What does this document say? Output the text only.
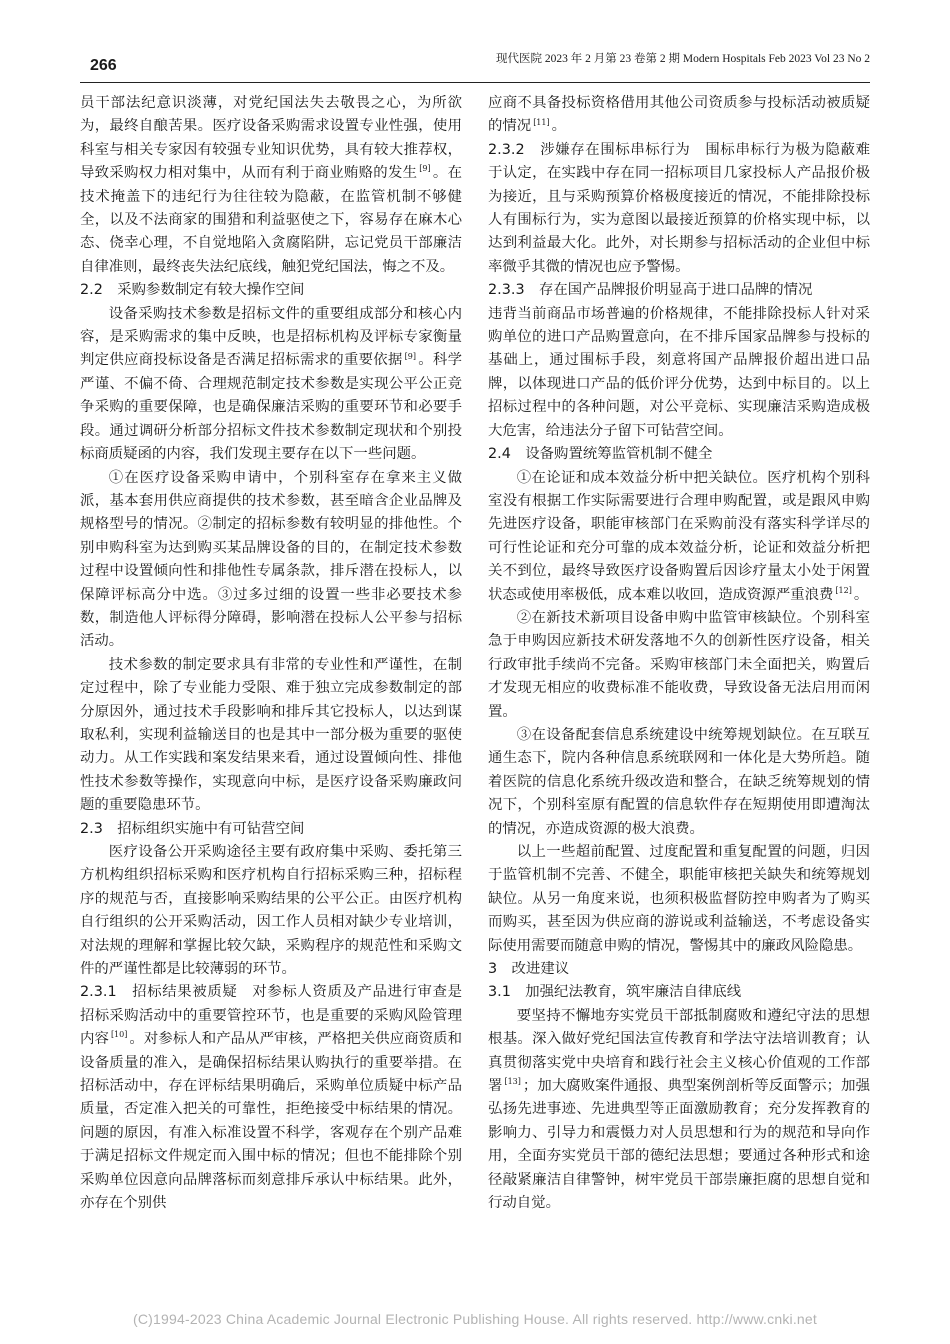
266	现代医院 2023 年 2 月第 23 卷第 2 期 Modern Hospitals Feb 2023 Vol 23 No 2

员干部法纪意识淡薄，对党纪国法失去敬畏之心，为所欲为，最终自酿苦果。医疗设备采购需求设置专业性强，使用科室与相关专家因有较强专业知识优势，具有较大推荐权，导致采购权力相对集中，从而有利于商业贿赂的发生 [9] 。在技术掩盖下的违纪行为往往较为隐蔽，在监管机制不够健全，以及不法商家的围猎和利益驱使之下，容易存在麻木心态、侥幸心理，不自觉地陷入贪腐陷阱，忘记党员干部廉洁自律准则，最终丧失法纪底线，触犯党纪国法，悔之不及。

2.2　采购参数制定有较大操作空间

设备采购技术参数是招标文件的重要组成部分和核心内容，是采购需求的集中反映，也是招标机构及评标专家衡量判定供应商投标设备是否满足招标需求的重要依据 [9] 。科学严谨、不偏不倚、合理规范制定技术参数是实现公平公正竞争采购的重要保障，也是确保廉洁采购的重要环节和必要手段。通过调研分析部分招标文件技术参数制定现状和个别投标商质疑函的内容，我们发现主要存在以下一些问题。

①在医疗设备采购申请中，个别科室存在拿来主义做派，基本套用供应商提供的技术参数，甚至暗含企业品牌及规格型号的情况。②制定的招标参数有较明显的排他性。个别申购科室为达到购买某品牌设备的目的，在制定技术参数过程中设置倾向性和排他性专属条款，排斥潜在投标人，以保障评标高分中选。③过多过细的设置一些非必要技术参数，制造他人评标得分障碍，影响潜在投标人公平参与招标活动。

技术参数的制定要求具有非常的专业性和严谨性，在制定过程中，除了专业能力受限、难于独立完成参数制定的部分原因外，通过技术手段影响和排斥其它投标人，以达到谋取私利，实现利益输送目的也是其中一部分极为重要的驱使动力。从工作实践和案发结果来看，通过设置倾向性、排他性技术参数等操作，实现意向中标，是医疗设备采购廉政问题的重要隐患环节。

2.3　招标组织实施中有可钻营空间

医疗设备公开采购途径主要有政府集中采购、委托第三方机构组织招标采购和医疗机构自行招标采购三种，招标程序的规范与否，直接影响采购结果的公平公正。由医疗机构自行组织的公开采购活动，因工作人员相对缺少专业培训，对法规的理解和掌握比较欠缺，采购程序的规范性和采购文件的严谨性都是比较薄弱的环节。

2.3.1　招标结果被质疑　 对参标人资质及产品进行审查是招标采购活动中的重要管控环节，也是重要的采购风险管理内容 [10] 。对参标人和产品从严审核，严格把关供应商资质和设备质量的准入，是确保招标结果认购执行的重要举措。在招标活动中，存在评标结果明确后，采购单位质疑中标产品质量，否定准入把关的可靠性，拒绝接受中标结果的情况。问题的原因，有准入标准设置不科学，客观存在个别产品难于满足招标文件规定而入围中标的情况；但也不能排除个别采购单位因意向品牌落标而刻意排斥承认中标结果。此外，亦存在个别供

应商不具备投标资格借用其他公司资质参与投标活动被质疑的情况 [11] 。

2.3.2　涉嫌存在围标串标行为　 围标串标行为极为隐蔽难于认定，在实践中存在同一招标项目几家投标人产品报价极为接近，且与采购预算价格极度接近的情况，不能排除投标人有围标行为，实为意图以最接近预算的价格实现中标，以达到利益最大化。此外，对长期参与招标活动的企业但中标率微乎其微的情况也应予警惕。

2.3.3　存在国产品牌报价明显高于进口品牌的情况

违背当前商品市场普遍的价格规律，不能排除投标人针对采购单位的进口产品购置意向，在不排斥国家品牌参与投标的基础上，通过围标手段，刻意将国产品牌报价超出进口品牌，以体现进口产品的低价评分优势，达到中标目的。以上招标过程中的各种问题，对公平竞标、实现廉洁采购造成极大危害，给违法分子留下可钻营空间。

2.4　设备购置统筹监管机制不健全

①在论证和成本效益分析中把关缺位。医疗机构个别科室没有根据工作实际需要进行合理申购配置，或是跟风申购先进医疗设备，职能审核部门在采购前没有落实科学详尽的可行性论证和充分可靠的成本效益分析，论证和效益分析把关不到位，最终导致医疗设备购置后因诊疗量太小处于闲置状态或使用率极低，成本难以收回，造成资源严重浪费 [12] 。

②在新技术新项目设备申购中监管审核缺位。个别科室急于申购因应新技术研发落地不久的创新性医疗设备，相关行政审批手续尚不完备。采购审核部门未全面把关，购置后才发现无相应的收费标准不能收费，导致设备无法启用而闲置。

③在设备配套信息系统建设中统筹规划缺位。在互联互通生态下，院内各种信息系统联网和一体化是大势所趋。随着医院的信息化系统升级改造和整合，在缺乏统筹规划的情况下，个别科室原有配置的信息软件存在短期使用即遭淘汰的情况，亦造成资源的极大浪费。

以上一些超前配置、过度配置和重复配置的问题，归因于监管机制不完善、不健全，职能审核把关缺失和统筹规划缺位。从另一角度来说，也须积极监督防控申购者为了购买而购买，甚至因为供应商的游说或利益输送，不考虑设备实际使用需要而随意申购的情况，警惕其中的廉政风险隐患。

3　改进建议
3.1　加强纪法教育，筑牢廉洁自律底线

要坚持不懈地夯实党员干部抵制腐败和遵纪守法的思想根基。深入做好党纪国法宣传教育和学法守法培训教育；认真贯彻落实党中央培育和践行社会主义核心价值观的工作部署 [13] ；加大腐败案件通报、典型案例剖析等反面警示；加强弘扬先进事迹、先进典型等正面激励教育；充分发挥教育的影响力、引导力和震慑力对人员思想和行为的规范和导向作用，全面夯实党员干部的德纪法思想；要通过各种形式和途径敲紧廉洁自律警钟，树牢党员干部崇廉拒腐的思想自觉和行动自觉。

(C)1994-2023 China Academic Journal Electronic Publishing House. All rights reserved. http://www.cnki.net
